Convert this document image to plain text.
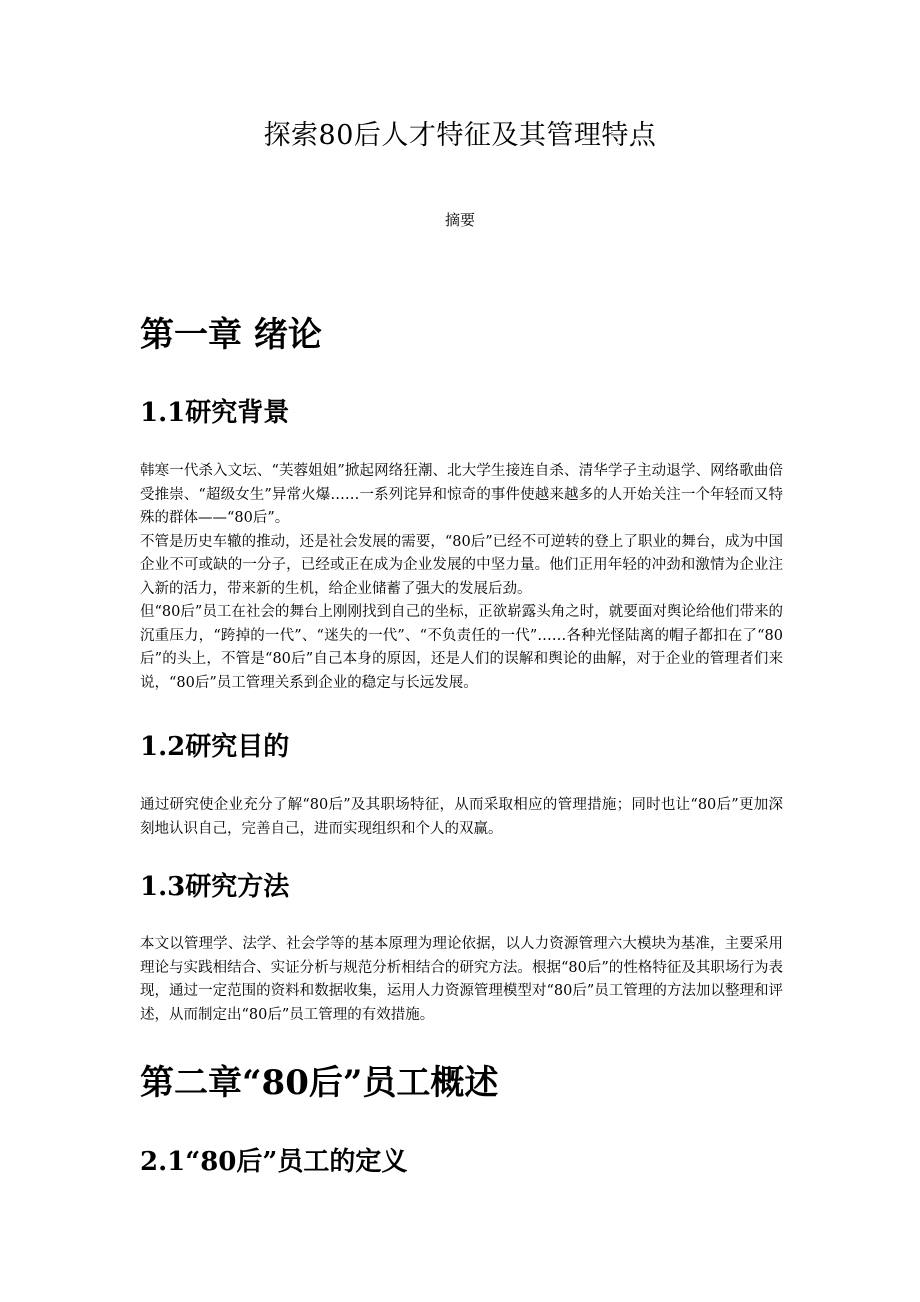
探索80后人才特征及其管理特点
摘要
第一章 绪论
1.1研究背景

韩寒一代杀入文坛、“芙蓉姐姐”掀起网络狂潮、北大学生接连自杀、清华学子主动退学、网络歌曲倍受推崇、“超级女生”异常火爆……一系列诧异和惊奇的事件使越来越多的人开始关注一个年轻而又特殊的群体——“80后”。

不管是历史车辙的推动，还是社会发展的需要，“80后”已经不可逆转的登上了职业的舞台，成为中国企业不可或缺的一分子，已经或正在成为企业发展的中坚力量。他们正用年轻的冲劲和激情为企业注入新的活力，带来新的生机，给企业储蓄了强大的发展后劲。

但“80后”员工在社会的舞台上刚刚找到自己的坐标，正欲崭露头角之时，就要面对舆论给他们带来的沉重压力，“跨掉的一代”、“迷失的一代”、“不负责任的一代”……各种光怪陆离的帽子都扣在了“80后”的头上，不管是“80后”自己本身的原因，还是人们的误解和舆论的曲解，对于企业的管理者们来说，“80后”员工管理关系到企业的稳定与长远发展。

1.2研究目的

通过研究使企业充分了解“80后”及其职场特征，从而采取相应的管理措施；同时也让“80后”更加深刻地认识自己，完善自己，进而实现组织和个人的双赢。

1.3研究方法

本文以管理学、法学、社会学等的基本原理为理论依据，以人力资源管理六大模块为基准，主要采用理论与实践相结合、实证分析与规范分析相结合的研究方法。根据“80后”的性格特征及其职场行为表现，通过一定范围的资料和数据收集，运用人力资源管理模型对“80后”员工管理的方法加以整理和评述，从而制定出“80后”员工管理的有效措施。

第二章“80后”员工概述
2.1“80后”员工的定义
